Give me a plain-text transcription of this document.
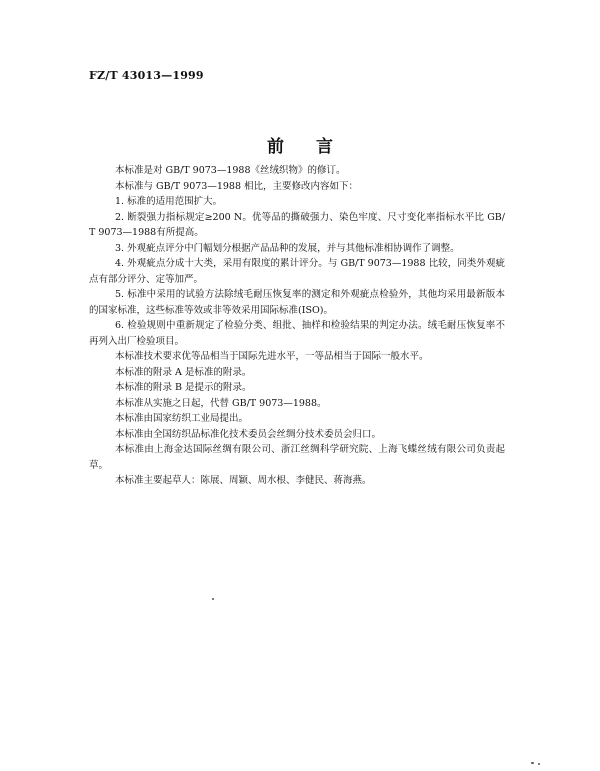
FZ/T 43013—1999
前言

本标准是对 GB/T 9073—1988《丝绒织物》的修订。

本标准与 GB/T 9073—1988 相比，主要修改内容如下：

1. 标准的适用范围扩大。

2. 断裂强力指标规定≥200 N。优等品的撕破强力、染色牢度、尺寸变化率指标水平比 GB/T 9073—1988有所提高。

3. 外观疵点评分中门幅划分根据产品品种的发展，并与其他标准相协调作了调整。

4. 外观疵点分成十大类，采用有限度的累计评分。与 GB/T 9073—1988 比较，同类外观疵点有部分评分、定等加严。

5. 标准中采用的试验方法除绒毛耐压恢复率的测定和外观疵点检验外，其他均采用最新版本的国家标准，这些标准等效或非等效采用国际标准(ISO)。

6. 检验规则中重新规定了检验分类、组批、抽样和检验结果的判定办法。绒毛耐压恢复率不再列入出厂检验项目。

本标准技术要求优等品相当于国际先进水平，一等品相当于国际一般水平。

本标准的附录 A 是标准的附录。

本标准的附录 B 是提示的附录。

本标准从实施之日起，代替 GB/T 9073—1988。

本标准由国家纺织工业局提出。

本标准由全国纺织品标准化技术委员会丝绸分技术委员会归口。

本标准由上海金达国际丝绸有限公司、浙江丝绸科学研究院、上海飞蝶丝绒有限公司负责起草。

本标准主要起草人：陈展、周颖、周水根、李健民、蒋海燕。
